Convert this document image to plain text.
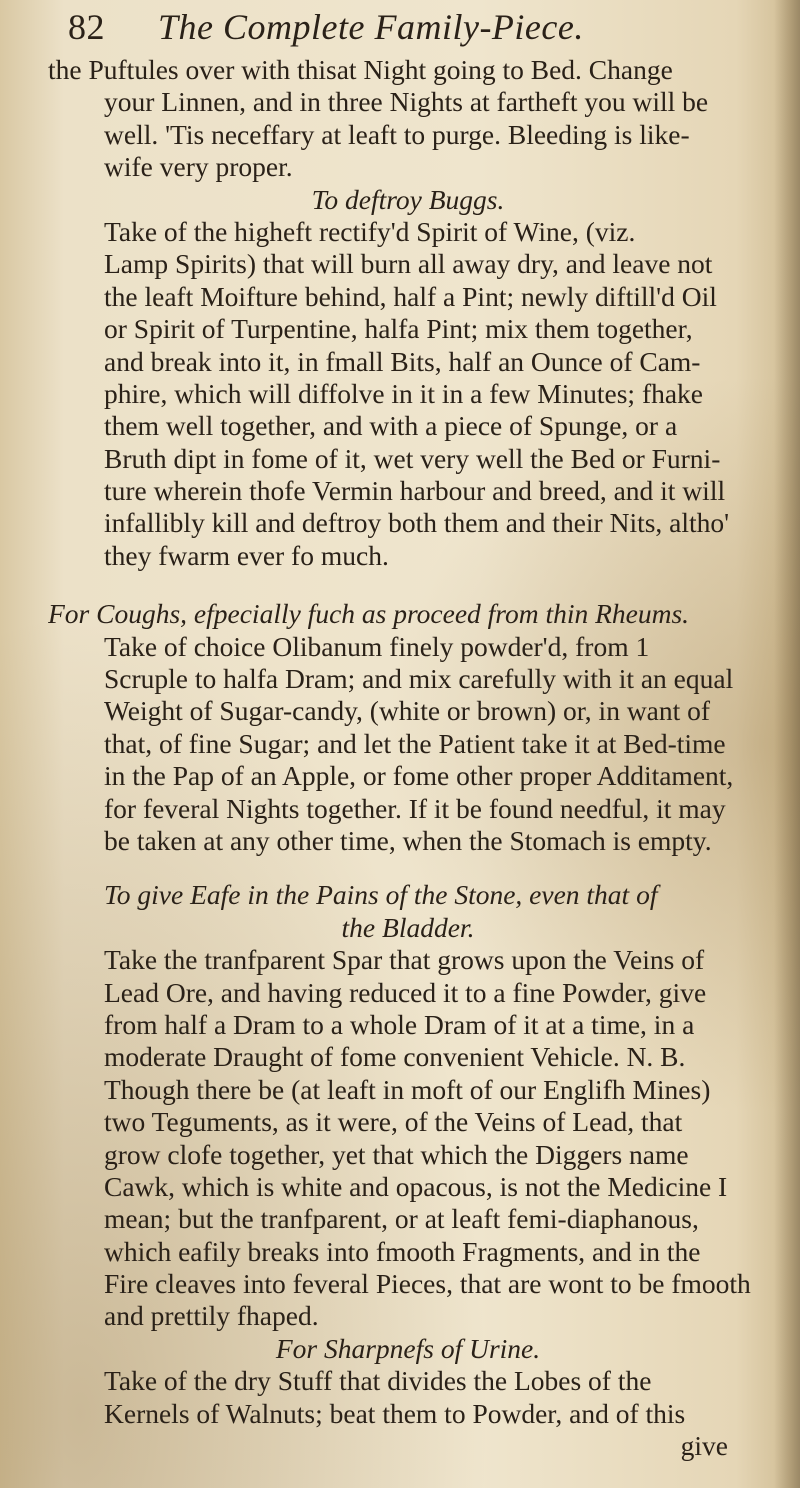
82	The Complete Family-Piece.
the Puftules over with thisat Night going to Bed. Change
your Linnen, and in three Nights at fartheft you will be
well. 'Tis neceffary at leaft to purge. Bleeding is like-
wife very proper.
To deftroy Buggs.
Take of the higheft rectify'd Spirit of Wine, (viz.
Lamp Spirits) that will burn all away dry, and leave not
the leaft Moifture behind, half a Pint; newly diftill'd Oil
or Spirit of Turpentine, halfa Pint; mix them together,
and break into it, in fmall Bits, half an Ounce of Cam-
phire, which will diffolve in it in a few Minutes; fhake
them well together, and with a piece of Spunge, or a
Bruth dipt in fome of it, wet very well the Bed or Furni-
ture wherein thofe Vermin harbour and breed, and it will
infallibly kill and deftroy both them and their Nits, altho'
they fwarm ever fo much.
For Coughs, efpecially fuch as proceed from thin Rheums.
Take of choice Olibanum finely powder'd, from 1
Scruple to halfa Dram; and mix carefully with it an equal
Weight of Sugar-candy, (white or brown) or, in want of
that, of fine Sugar; and let the Patient take it at Bed-time
in the Pap of an Apple, or fome other proper Additament,
for feveral Nights together. If it be found needful, it may
be taken at any other time, when the Stomach is empty.
To give Eafe in the Pains of the Stone, even that of
the Bladder.
Take the tranfparent Spar that grows upon the Veins of
Lead Ore, and having reduced it to a fine Powder, give
from half a Dram to a whole Dram of it at a time, in a
moderate Draught of fome convenient Vehicle. N. B.
Though there be (at leaft in moft of our Englifh Mines)
two Teguments, as it were, of the Veins of Lead, that
grow clofe together, yet that which the Diggers name
Cawk, which is white and opacous, is not the Medicine I
mean; but the tranfparent, or at leaft femi-diaphanous,
which eafily breaks into fmooth Fragments, and in the
Fire cleaves into feveral Pieces, that are wont to be fmooth
and prettily fhaped.
For Sharpnefs of Urine.
Take of the dry Stuff that divides the Lobes of the
Kernels of Walnuts; beat them to Powder, and of this
give
